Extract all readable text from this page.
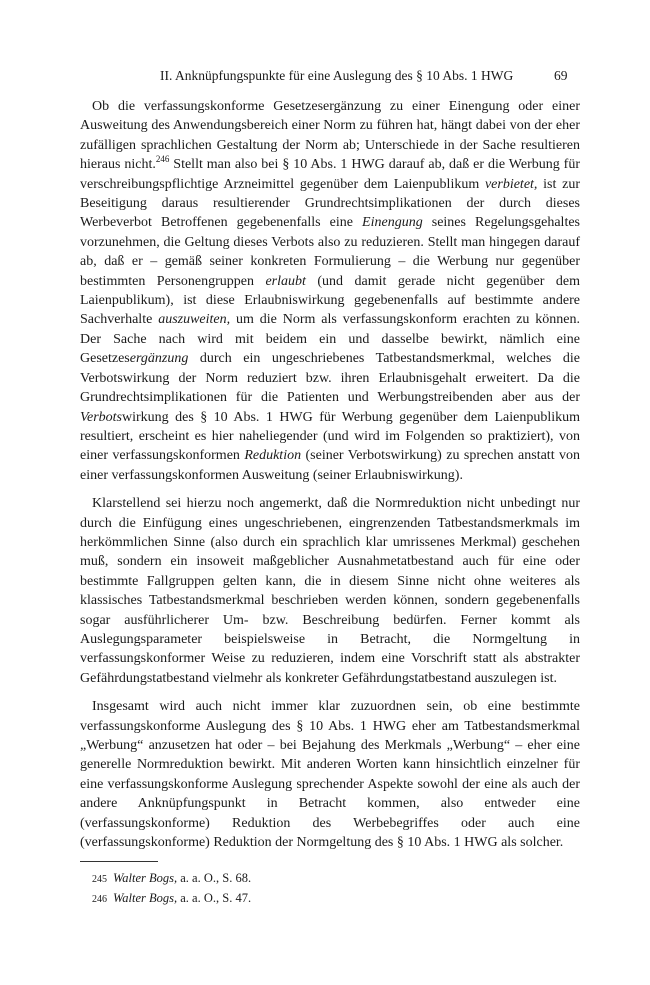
II. Anknüpfungspunkte für eine Auslegung des § 10 Abs. 1 HWG	69

Ob die verfassungskonforme Gesetzesergänzung zu einer Einengung oder einer Ausweitung des Anwendungsbereich einer Norm zu führen hat, hängt dabei von der eher zufälligen sprachlichen Gestaltung der Norm ab; Unterschiede in der Sache resultieren hieraus nicht.$^{246}$ Stellt man also bei § 10 Abs. 1 HWG darauf ab, daß er die Werbung für verschreibungspflichtige Arzneimittel gegenüber dem Laienpublikum verbietet, ist zur Beseitigung daraus resultierender Grundrechtsimplikationen der durch dieses Werbeverbot Betroffenen gegebenenfalls eine Einengung seines Regelungsgehaltes vorzunehmen, die Geltung dieses Verbots also zu reduzieren. Stellt man hingegen darauf ab, daß er – gemäß seiner konkreten Formulierung – die Werbung nur gegenüber bestimmten Personengruppen erlaubt (und damit gerade nicht gegenüber dem Laienpublikum), ist diese Erlaubniswirkung gegebenenfalls auf bestimmte andere Sachverhalte auszuweiten, um die Norm als verfassungskonform erachten zu können. Der Sache nach wird mit beidem ein und dasselbe bewirkt, nämlich eine Gesetzesergänzung durch ein ungeschriebenes Tatbestandsmerkmal, welches die Verbotswirkung der Norm reduziert bzw. ihren Erlaubnisgehalt erweitert. Da die Grundrechtsimplikationen für die Patienten und Werbungstreibenden aber aus der Verbotswirkung des § 10 Abs. 1 HWG für Werbung gegenüber dem Laienpublikum resultiert, erscheint es hier naheliegender (und wird im Folgenden so praktiziert), von einer verfassungskonformen Reduktion (seiner Verbotswirkung) zu sprechen anstatt von einer verfassungskonformen Ausweitung (seiner Erlaubniswirkung).

Klarstellend sei hierzu noch angemerkt, daß die Normreduktion nicht unbedingt nur durch die Einfügung eines ungeschriebenen, eingrenzenden Tatbestandsmerkmals im herkömmlichen Sinne (also durch ein sprachlich klar umrissenes Merkmal) geschehen muß, sondern ein insoweit maßgeblicher Ausnahmetatbestand auch für eine oder bestimmte Fallgruppen gelten kann, die in diesem Sinne nicht ohne weiteres als klassisches Tatbestandsmerkmal beschrieben werden können, sondern gegebenenfalls sogar ausführlicherer Um- bzw. Beschreibung bedürfen. Ferner kommt als Auslegungsparameter beispielsweise in Betracht, die Normgeltung in verfassungskonformer Weise zu reduzieren, indem eine Vorschrift statt als abstrakter Gefährdungstatbestand vielmehr als konkreter Gefährdungstatbestand auszulegen ist.

Insgesamt wird auch nicht immer klar zuzuordnen sein, ob eine bestimmte verfassungskonforme Auslegung des § 10 Abs. 1 HWG eher am Tatbestandsmerkmal „Werbung“ anzusetzen hat oder – bei Bejahung des Merkmals „Werbung“ – eher eine generelle Normreduktion bewirkt. Mit anderen Worten kann hinsichtlich einzelner für eine verfassungskonforme Auslegung sprechender Aspekte sowohl der eine als auch der andere Anknüpfungspunkt in Betracht kommen, also entweder eine (verfassungskonforme) Reduktion des Werbebegriffes oder auch eine (verfassungskonforme) Reduktion der Normgeltung des § 10 Abs. 1 HWG als solcher.

245 Walter Bogs, a. a. O., S. 68.
246 Walter Bogs, a. a. O., S. 47.
